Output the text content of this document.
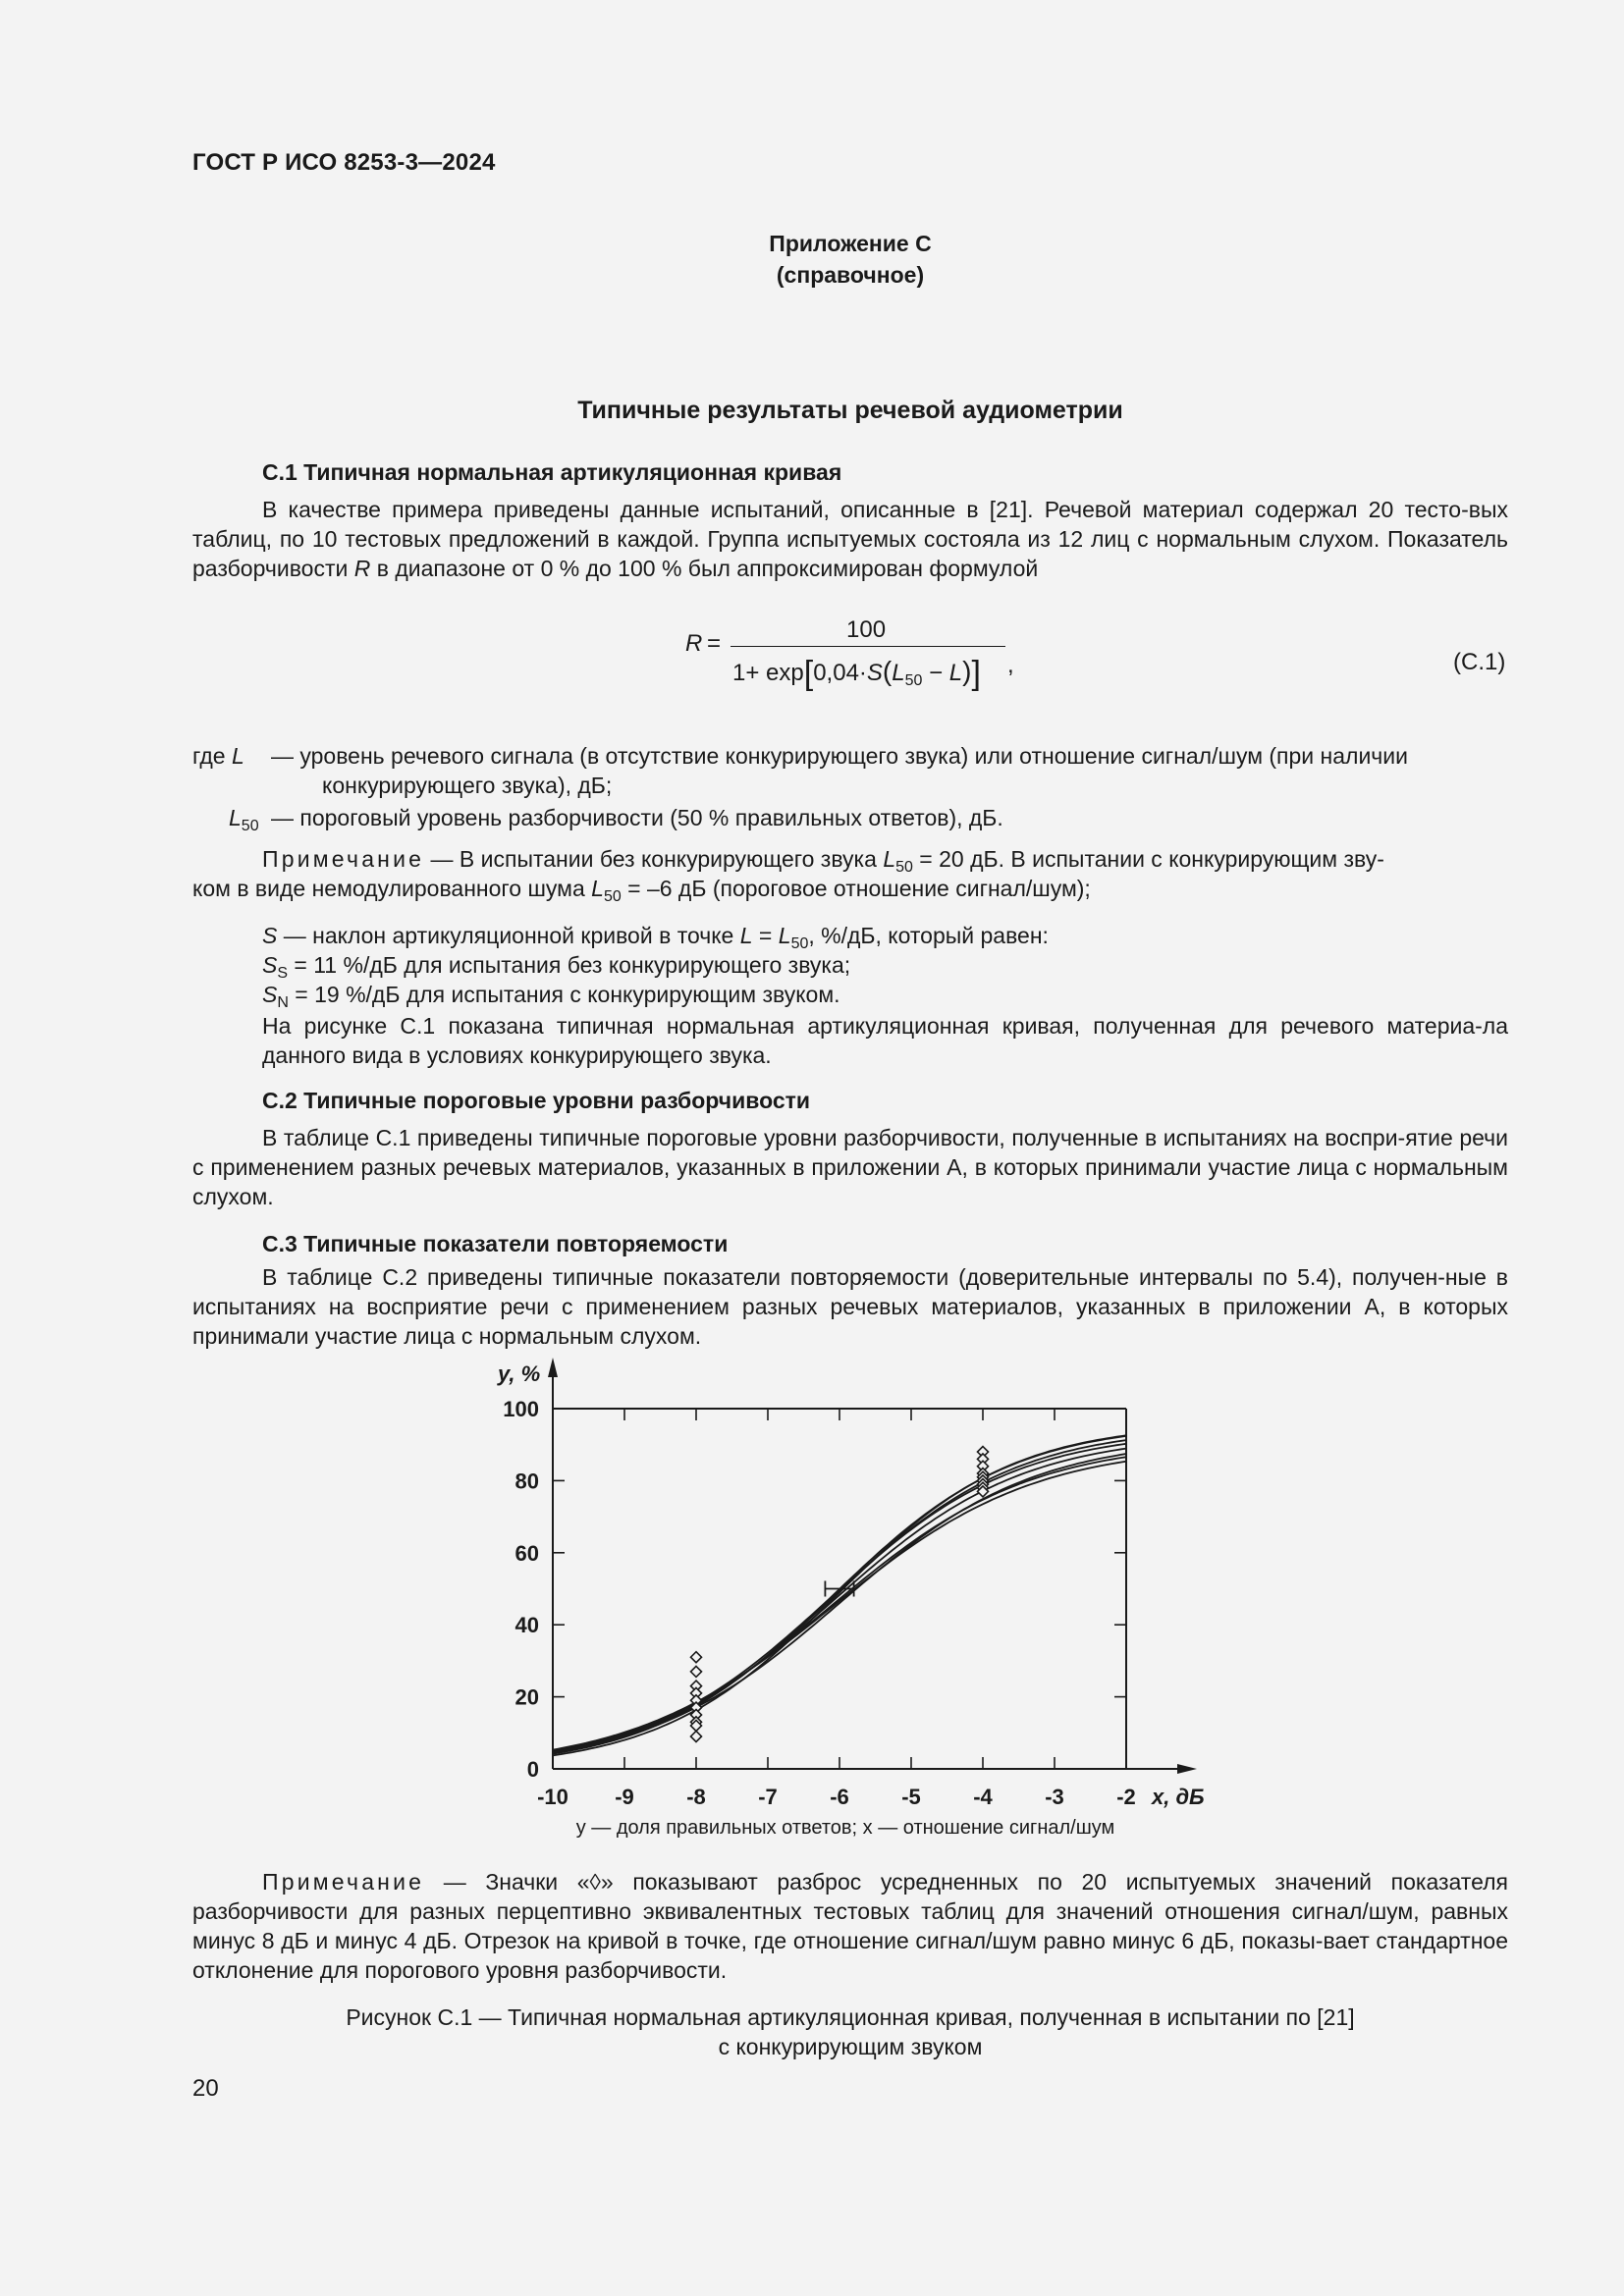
ГОСТ Р ИСО 8253-3—2024
Приложение С
(справочное)
Типичные результаты речевой аудиометрии
С.1 Типичная нормальная артикуляционная кривая
В качестве примера приведены данные испытаний, описанные в [21]. Речевой материал содержал 20 тесто-вых таблиц, по 10 тестовых предложений в каждой. Группа испытуемых состояла из 12 лиц с нормальным слухом. Показатель разборчивости R в диапазоне от 0 % до 100 % был аппроксимирован формулой
R =
100
$1+ \exp[0,04\cdot S(L_{50} - L)]$ ,	(С.1)
где L — уровень речевого сигнала (в отсутствие конкурирующего звука) или отношение сигнал/шум (при наличии
конкурирующего звука), дБ;
$L_{50}$ — пороговый уровень разборчивости (50 % правильных ответов), дБ.
Примечание — В испытании без конкурирующего звука $L_{50} = 20$ дБ. В испытании с конкурирующим зву-
ком в виде немодулированного шума $L_{50} = -6$ дБ (пороговое отношение сигнал/шум);
S — наклон артикуляционной кривой в точке $L = L_{50}$, %/дБ, который равен:
$S_S = 11$ %/дБ для испытания без конкурирующего звука;
$S_N = 19$ %/дБ для испытания с конкурирующим звуком.
На рисунке С.1 показана типичная нормальная артикуляционная кривая, полученная для речевого материа-ла данного вида в условиях конкурирующего звука.
С.2 Типичные пороговые уровни разборчивости
В таблице С.1 приведены типичные пороговые уровни разборчивости, полученные в испытаниях на воспри-ятие речи с применением разных речевых материалов, указанных в приложении А, в которых принимали участие лица с нормальным слухом.
С.3 Типичные показатели повторяемости
В таблице С.2 приведены типичные показатели повторяемости (доверительные интервалы по 5.4), получен-ные в испытаниях на восприятие речи с применением разных речевых материалов, указанных в приложении А, в которых принимали участие лица с нормальным слухом.
-10 -9 -8 -7 -6 -5 -4 -3 -2
0
20
40
60
80
100
у, %
х, дБ
у — доля правильных ответов; х — отношение сигнал/шум
Примечание — Значки «◊» показывают разброс усредненных по 20 испытуемых значений показателя разборчивости для разных перцептивно эквивалентных тестовых таблиц для значений отношения сигнал/шум, равных минус 8 дБ и минус 4 дБ. Отрезок на кривой в точке, где отношение сигнал/шум равно минус 6 дБ, показы-вает стандартное отклонение для порогового уровня разборчивости.
Рисунок С.1 — Типичная нормальная артикуляционная кривая, полученная в испытании по [21]
с конкурирующим звуком
20
